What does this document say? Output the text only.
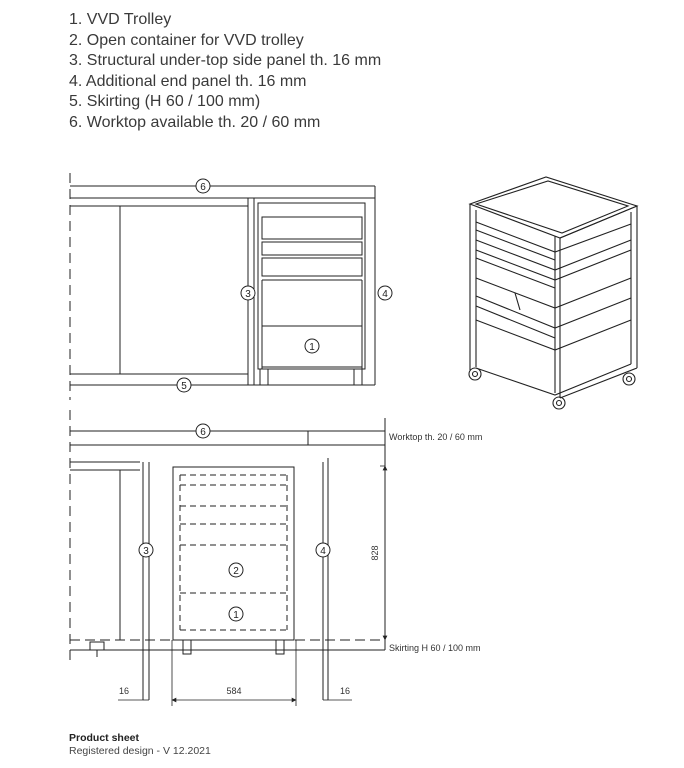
1. VVD Trolley
2. Open container for VVD trolley
3. Structural under-top side panel th. 16 mm
4. Additional end panel th. 16 mm
5. Skirting (H 60 / 100 mm)
6. Worktop available th. 20 / 60 mm
6
3	4
1
5
6
3	4
2
1
Worktop th. 20 / 60 mm
Skirting H 60 / 100 mm
16	584	16
828
Product sheet
Registered design - V 12.2021
